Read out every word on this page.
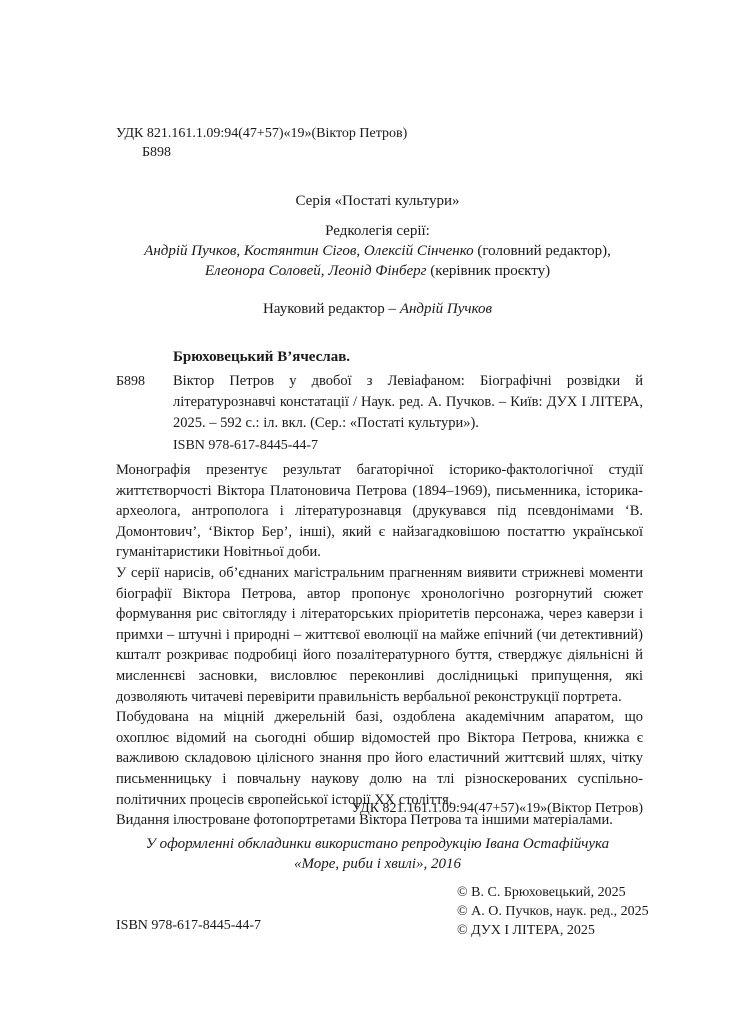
УДК 821.161.1.09:94(47+57)«19»(Віктор Петров)
Б898
Серія «Постаті культури»
Редколегія серії:
Андрій Пучков, Костянтин Сігов, Олексій Сінченко (головний редактор),
Елеонора Соловей, Леонід Фінберг (керівник проєкту)
Науковий редактор – Андрій Пучков
Брюховецький В’ячеслав.
Б898 Віктор Петров у двобої з Левіафаном: Біографічні розвідки й літературознавчі констатації / Наук. ред. А. Пучков. – Київ: ДУХ І ЛІТЕРА, 2025. – 592 с.: іл. вкл. (Сер.: «Постаті культури»).
ISBN 978-617-8445-44-7

Монографія презентує результат багаторічної історико-фактологічної студії життєтворчості Віктора Платоновича Петрова (1894–1969), письменника, історика-археолога, антрополога і літературознавця (друкувався під псевдонімами ‘В. Домонтович’, ‘Віктор Бер’, інші), який є найзагадковішою постаттю української гуманітаристики Новітньої доби.

У серії нарисів, об’єднаних магістральним прагненням виявити стрижневі моменти біографії Віктора Петрова, автор пропонує хронологічно розгорнутий сюжет формування рис світогляду і літераторських пріоритетів персонажа, через каверзи і примхи – штучні і природні – життєвої еволюції на майже епічний (чи детективний) кшталт розкриває подробиці його позалітературного буття, стверджує діяльнісні й мисленнєві засновки, висловлює переконливі дослідницькі припущення, які дозволяють читачеві перевірити правильність вербальної реконструкції портрета.

Побудована на міцній джерельній базі, оздоблена академічним апаратом, що охоплює відомий на сьогодні обшир відомостей про Віктора Петрова, книжка є важливою складовою цілісного знання про його еластичний життєвий шлях, чітку письменницьку і повчальну наукову долю на тлі різноскерованих суспільно-політичних процесів європейської історії ХХ століття.

Видання ілюстроване фотопортретами Віктора Петрова та іншими матеріалами.

УДК 821.161.1.09:94(47+57)«19»(Віктор Петров)
У оформленні обкладинки використано репродукцію Івана Остафійчука
«Море, риби і хвилі», 2016
© В. С. Брюховецький, 2025
© А. О. Пучков, наук. ред., 2025
© ДУХ І ЛІТЕРА, 2025
ISBN 978-617-8445-44-7
